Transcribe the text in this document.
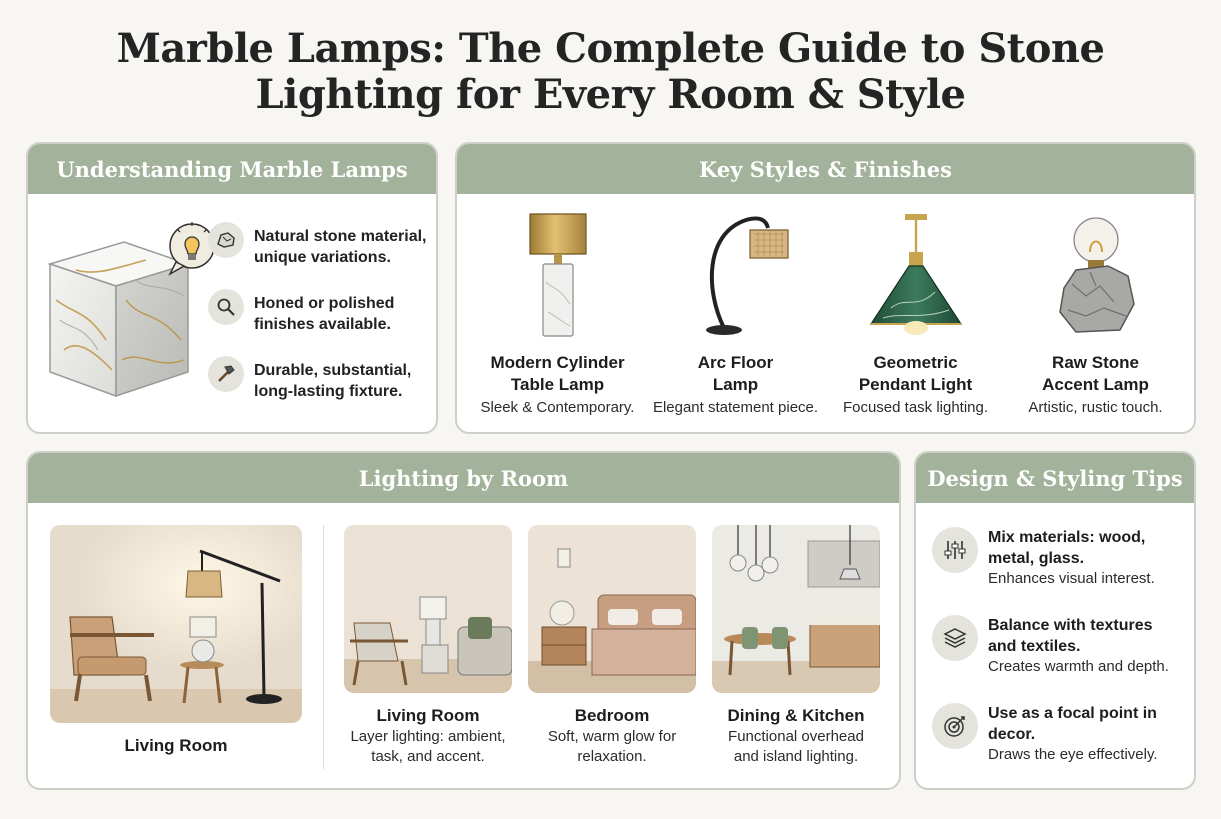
Marble Lamps: The Complete Guide to Stone
Lighting for Every Room & Style
Understanding Marble Lamps
Natural stone material,
unique variations.
Honed or polished
finishes available.
Durable, substantial,
long-lasting fixture.
Key Styles & Finishes
Modern Cylinder
Table Lamp
Sleek & Contemporary.
Arc Floor
Lamp
Elegant statement piece.
Geometric
Pendant Light
Focused task lighting.
Raw Stone
Accent Lamp
Artistic, rustic touch.
Lighting by Room
Living Room
Living Room
Layer lighting: ambient,
task, and accent.
Bedroom
Soft, warm glow for
relaxation.
Dining & Kitchen
Functional overhead
and island lighting.
Design & Styling Tips
Mix materials: wood,
metal, glass.
Enhances visual interest.
Balance with textures
and textiles.
Creates warmth and depth.
Use as a focal point in
decor.
Draws the eye effectively.
